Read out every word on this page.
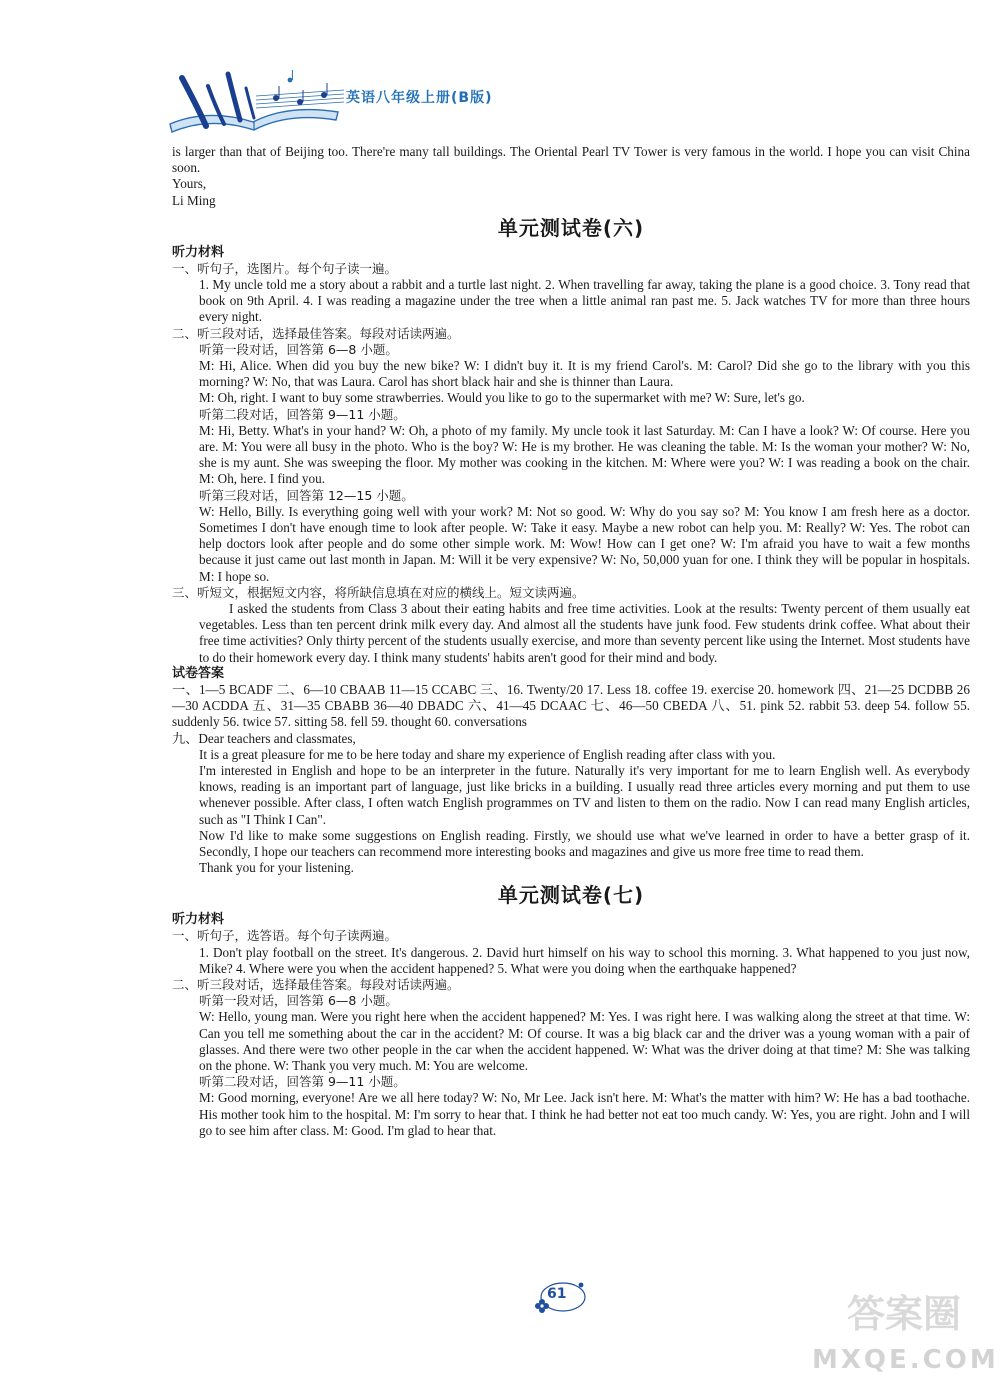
英语八年级上册(B版)

is larger than that of Beijing too. There're many tall buildings. The Oriental Pearl TV Tower is very famous in the world. I hope you can visit China soon.

Yours,

Li Ming

单元测试卷(六)
听力材料

一、听句子，选图片。每个句子读一遍。

1. My uncle told me a story about a rabbit and a turtle last night. 2. When travelling far away, taking the plane is a good choice. 3. Tony read that book on 9th April. 4. I was reading a magazine under the tree when a little animal ran past me. 5. Jack watches TV for more than three hours every night.

二、听三段对话，选择最佳答案。每段对话读两遍。

听第一段对话，回答第 6—8 小题。

M: Hi, Alice. When did you buy the new bike? W: I didn't buy it. It is my friend Carol's. M: Carol? Did she go to the library with you this morning? W: No, that was Laura. Carol has short black hair and she is thinner than Laura.

M: Oh, right. I want to buy some strawberries. Would you like to go to the supermarket with me? W: Sure, let's go.

听第二段对话，回答第 9—11 小题。

M: Hi, Betty. What's in your hand? W: Oh, a photo of my family. My uncle took it last Saturday. M: Can I have a look? W: Of course. Here you are. M: You were all busy in the photo. Who is the boy? W: He is my brother. He was cleaning the table. M: Is the woman your mother? W: No, she is my aunt. She was sweeping the floor. My mother was cooking in the kitchen. M: Where were you? W: I was reading a book on the chair. M: Oh, here. I find you.

听第三段对话，回答第 12—15 小题。

W: Hello, Billy. Is everything going well with your work? M: Not so good. W: Why do you say so? M: You know I am fresh here as a doctor. Sometimes I don't have enough time to look after people. W: Take it easy. Maybe a new robot can help you. M: Really? W: Yes. The robot can help doctors look after people and do some other simple work. M: Wow! How can I get one? W: I'm afraid you have to wait a few months because it just came out last month in Japan. M: Will it be very expensive? W: No, 50,000 yuan for one. I think they will be popular in hospitals. M: I hope so.

三、听短文，根据短文内容，将所缺信息填在对应的横线上。短文读两遍。

I asked the students from Class 3 about their eating habits and free time activities. Look at the results: Twenty percent of them usually eat vegetables. Less than ten percent drink milk every day. And almost all the students have junk food. Few students drink coffee. What about their free time activities? Only thirty percent of the students usually exercise, and more than seventy percent like using the Internet. Most students have to do their homework every day. I think many students' habits aren't good for their mind and body.

试卷答案

一、1—5 BCADF 二、6—10 CBAAB 11—15 CCABC 三、16. Twenty/20 17. Less 18. coffee 19. exercise 20. homework 四、21—25 DCDBB 26—30 ACDDA 五、31—35 CBABB 36—40 DBADC 六、41—45 DCAAC 七、46—50 CBEDA 八、51. pink 52. rabbit 53. deep 54. follow 55. suddenly 56. twice 57. sitting 58. fell 59. thought 60. conversations

九、Dear teachers and classmates,

It is a great pleasure for me to be here today and share my experience of English reading after class with you.

I'm interested in English and hope to be an interpreter in the future. Naturally it's very important for me to learn English well. As everybody knows, reading is an important part of language, just like bricks in a building. I usually read three articles every morning and put them to use whenever possible. After class, I often watch English programmes on TV and listen to them on the radio. Now I can read many English articles, such as "I Think I Can".

Now I'd like to make some suggestions on English reading. Firstly, we should use what we've learned in order to have a better grasp of it. Secondly, I hope our teachers can recommend more interesting books and magazines and give us more free time to read them.

Thank you for your listening.

单元测试卷(七)
听力材料

一、听句子，选答语。每个句子读两遍。

1. Don't play football on the street. It's dangerous. 2. David hurt himself on his way to school this morning. 3. What happened to you just now, Mike? 4. Where were you when the accident happened? 5. What were you doing when the earthquake happened?

二、听三段对话，选择最佳答案。每段对话读两遍。

听第一段对话，回答第 6—8 小题。

W: Hello, young man. Were you right here when the accident happened? M: Yes. I was right here. I was walking along the street at that time. W: Can you tell me something about the car in the accident? M: Of course. It was a big black car and the driver was a young woman with a pair of glasses. And there were two other people in the car when the accident happened. W: What was the driver doing at that time? M: She was talking on the phone. W: Thank you very much. M: You are welcome.

听第二段对话，回答第 9—11 小题。

M: Good morning, everyone! Are we all here today? W: No, Mr Lee. Jack isn't here. M: What's the matter with him? W: He has a bad toothache. His mother took him to the hospital. M: I'm sorry to hear that. I think he had better not eat too much candy. W: Yes, you are right. John and I will go to see him after class. M: Good. I'm glad to hear that.

61	答案圈
MXQE.COM
